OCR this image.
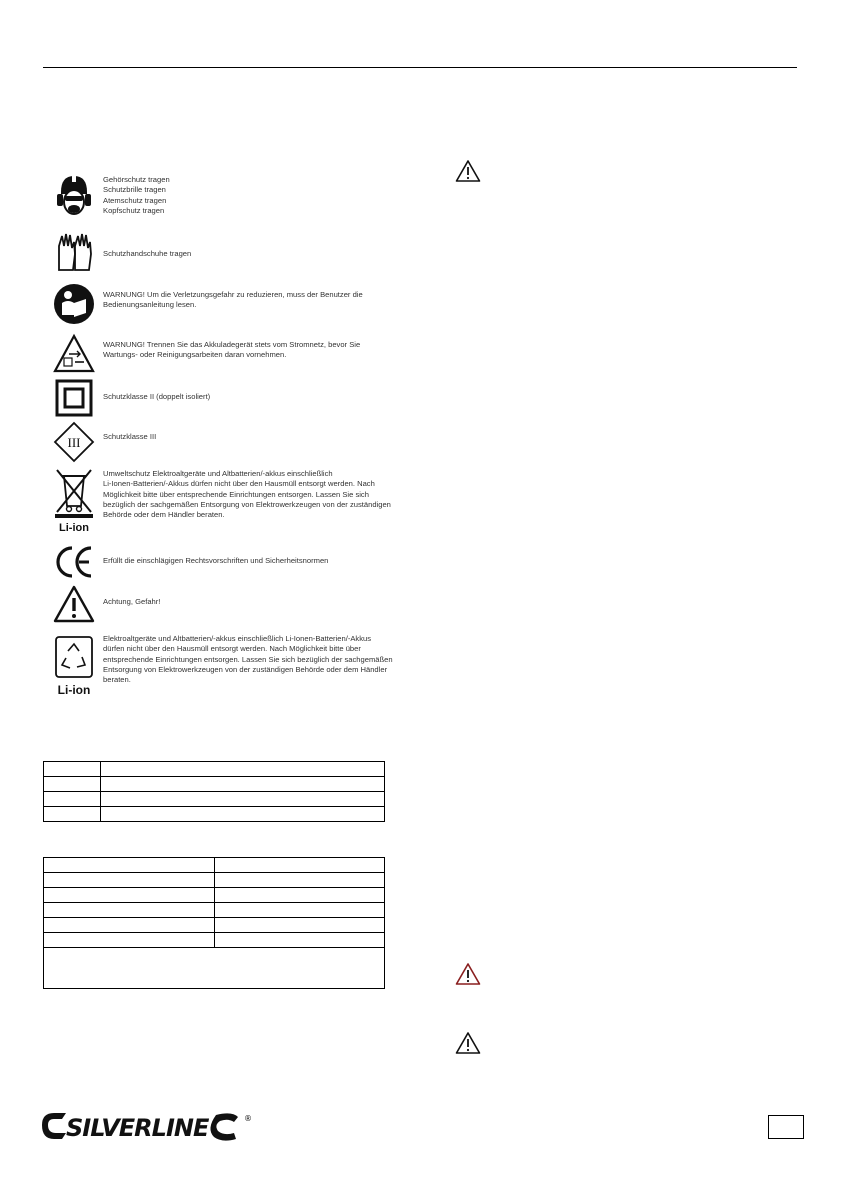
Gehörschutz tragen
Schutzbrille tragen
Atemschutz tragen
Kopfschutz tragen
Schutzhandschuhe tragen
WARNUNG! Um die Verletzungsgefahr zu reduzieren, muss der Benutzer die
Bedienungsanleitung lesen.
WARNUNG! Trennen Sie das Akkuladegerät stets vom Stromnetz, bevor Sie
Wartungs- oder Reinigungsarbeiten daran vornehmen.
Schutzklasse II (doppelt isoliert)
III	Schutzklasse III
Li-ion
Umweltschutz Elektroaltgeräte und Altbatterien/-akkus einschließlich
Li-Ionen-Batterien/-Akkus dürfen nicht über den Hausmüll entsorgt werden. Nach
Möglichkeit bitte über entsprechende Einrichtungen entsorgen. Lassen Sie sich
bezüglich der sachgemäßen Entsorgung von Elektrowerkzeugen von der zuständigen
Behörde oder dem Händler beraten.
Erfüllt die einschlägigen Rechtsvorschriften und Sicherheitsnormen
Achtung, Gefahr!
Li-ion
Elektroaltgeräte und Altbatterien/-akkus einschließlich Li-Ionen-Batterien/-Akkus
dürfen nicht über den Hausmüll entsorgt werden. Nach Möglichkeit bitte über
entsprechende Einrichtungen entsorgen. Lassen Sie sich bezüglich der sachgemäßen
Entsorgung von Elektrowerkzeugen von der zuständigen Behörde oder dem Händler
beraten.

SILVERLINE	®
